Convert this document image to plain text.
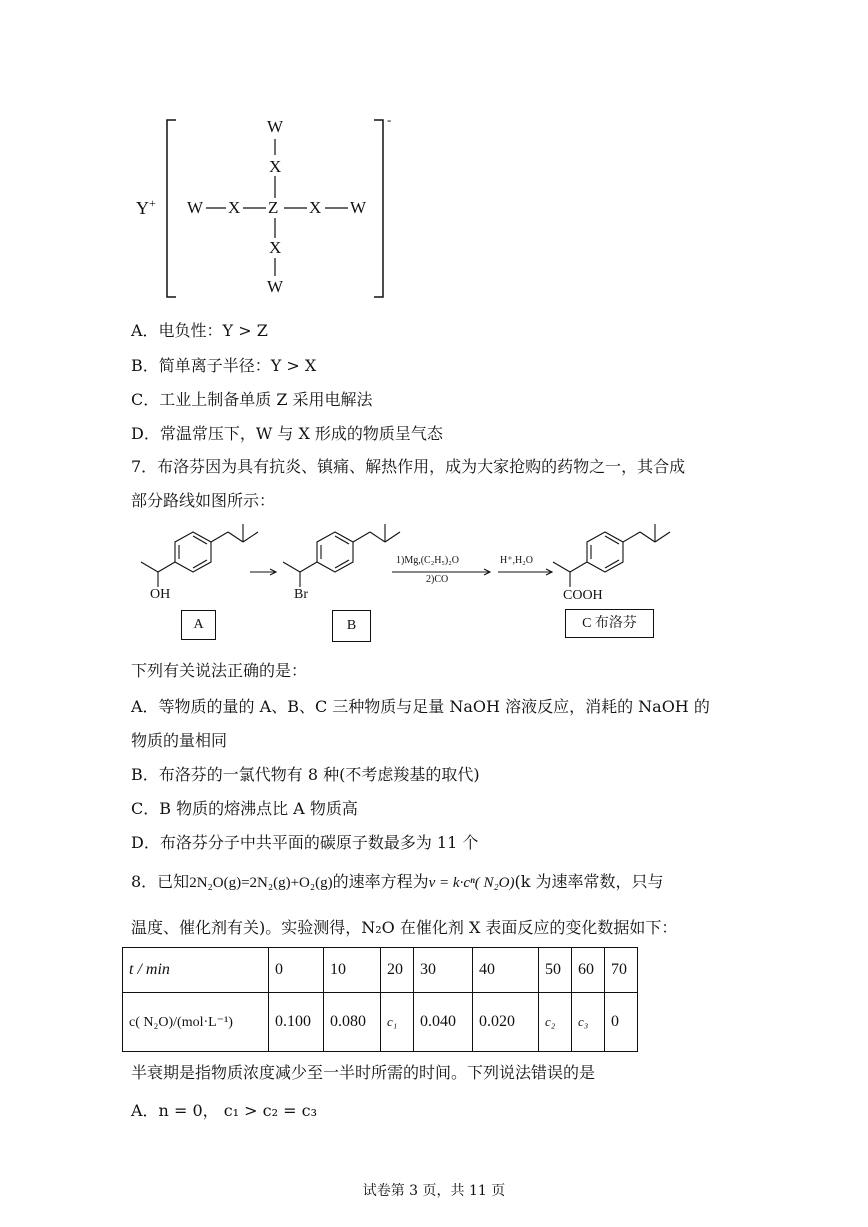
-
Y +
W
X
W X Z X W
X
W
A．电负性：Y > Z
B．简单离子半径：Y > X
C．工业上制备单质 Z 采用电解法
D．常温常压下，W 与 X 形成的物质呈气态
7．布洛芬因为具有抗炎、镇痛、解热作用，成为大家抢购的药物之一，其合成
部分路线如图所示：
OH	Br	COOH
1)Mg,(C₂H₅)₂O
2)CO
H⁺,H₂O
A	B	C 布洛芬
下列有关说法正确的是：
A．等物质的量的 A、B、C 三种物质与足量 NaOH 溶液反应，消耗的 NaOH 的
物质的量相同
B．布洛芬的一氯代物有 8 种(不考虑羧基的取代)
C．B 物质的熔沸点比 A 物质高
D．布洛芬分子中共平面的碳原子数最多为 11 个
8．已知2N₂O(g)=2N₂(g)+O₂(g)的速率方程为v = k·cⁿ( N₂O)(k 为速率常数，只与
温度、催化剂有关)。实验测得，N₂O 在催化剂 X 表面反应的变化数据如下：
t / min	0	10	20	30	40	50	60	70
c( N₂O)/(mol·L⁻¹)	0.100	0.080	c₁	0.040	0.020	c₂	c₃	0
半衰期是指物质浓度减少至一半时所需的时间。下列说法错误的是
A．n = 0， c₁ > c₂ = c₃
试卷第 3 页，共 11 页
